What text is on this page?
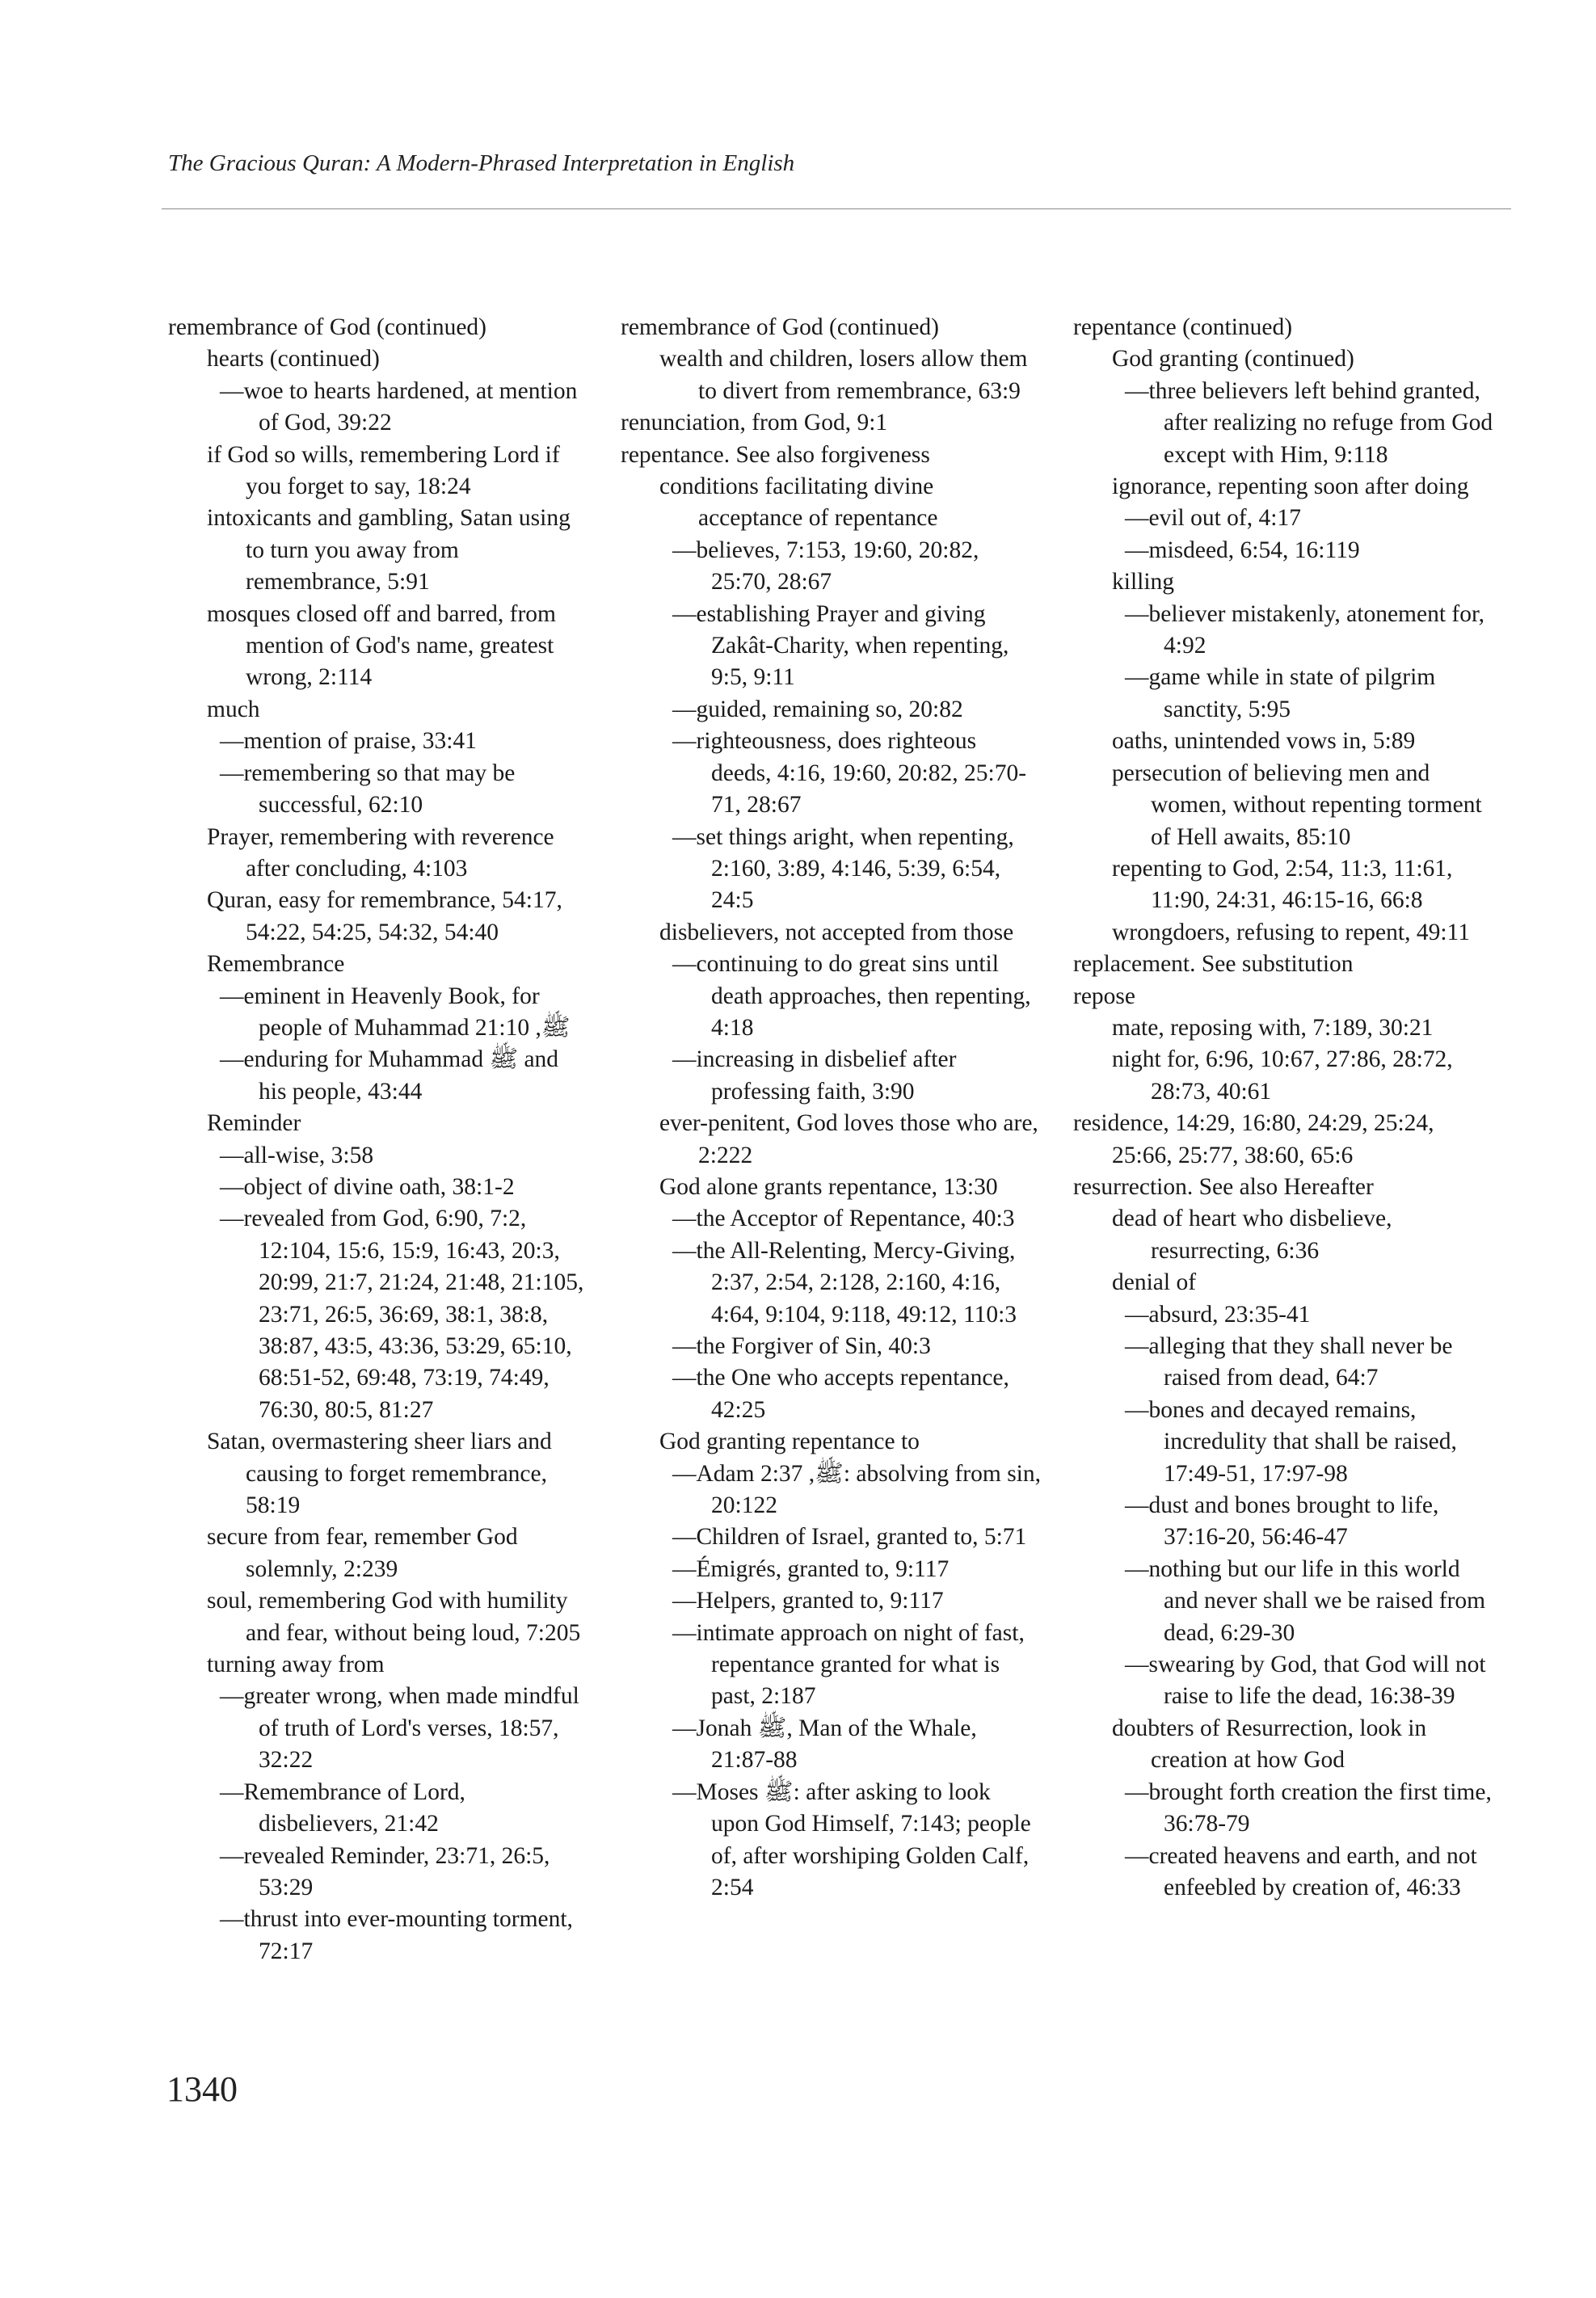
The Gracious Quran: A Modern-Phrased Interpretation in English
remembrance of God (continued)
hearts (continued)
—woe to hearts hardened, at mention of God, 39:22
if God so wills, remembering Lord if you forget to say, 18:24
intoxicants and gambling, Satan using to turn you away from remembrance, 5:91
mosques closed off and barred, from mention of God's name, greatest wrong, 2:114
much
—mention of praise, 33:41
—remembering so that may be successful, 62:10
Prayer, remembering with reverence after concluding, 4:103
Quran, easy for remembrance, 54:17, 54:22, 54:25, 54:32, 54:40
Remembrance
—eminent in Heavenly Book, for people of Muhammad ﷺ, 21:10
—enduring for Muhammad ﷺ and his people, 43:44
Reminder
—all-wise, 3:58
—object of divine oath, 38:1-2
—revealed from God, 6:90, 7:2, 12:104, 15:6, 15:9, 16:43, 20:3, 20:99, 21:7, 21:24, 21:48, 21:105, 23:71, 26:5, 36:69, 38:1, 38:8, 38:87, 43:5, 43:36, 53:29, 65:10, 68:51-52, 69:48, 73:19, 74:49, 76:30, 80:5, 81:27
Satan, overmastering sheer liars and causing to forget remembrance, 58:19
secure from fear, remember God solemnly, 2:239
soul, remembering God with humility and fear, without being loud, 7:205
turning away from
—greater wrong, when made mindful of truth of Lord's verses, 18:57, 32:22
—Remembrance of Lord, disbelievers, 21:42
—revealed Reminder, 23:71, 26:5, 53:29
—thrust into ever-mounting torment, 72:17
remembrance of God (continued)
wealth and children, losers allow them to divert from remembrance, 63:9
renunciation, from God, 9:1
repentance. See also forgiveness
conditions facilitating divine acceptance of repentance
—believes, 7:153, 19:60, 20:82, 25:70, 28:67
—establishing Prayer and giving Zakât-Charity, when repenting, 9:5, 9:11
—guided, remaining so, 20:82
—righteousness, does righteous deeds, 4:16, 19:60, 20:82, 25:70-71, 28:67
—set things aright, when repenting, 2:160, 3:89, 4:146, 5:39, 6:54, 24:5
disbelievers, not accepted from those
—continuing to do great sins until death approaches, then repenting, 4:18
—increasing in disbelief after professing faith, 3:90
ever-penitent, God loves those who are, 2:222
God alone grants repentance, 13:30
—the Acceptor of Repentance, 40:3
—the All-Relenting, Mercy-Giving, 2:37, 2:54, 2:128, 2:160, 4:16, 4:64, 9:104, 9:118, 49:12, 110:3
—the Forgiver of Sin, 40:3
—the One who accepts repentance, 42:25
God granting repentance to
—Adam ﷺ, 2:37: absolving from sin, 20:122
—Children of Israel, granted to, 5:71
—Émigrés, granted to, 9:117
—Helpers, granted to, 9:117
—intimate approach on night of fast, repentance granted for what is past, 2:187
—Jonah ﷺ, Man of the Whale, 21:87-88
—Moses ﷺ: after asking to look upon God Himself, 7:143; people of, after worshiping Golden Calf, 2:54
repentance (continued)
God granting (continued)
—three believers left behind granted, after realizing no refuge from God except with Him, 9:118
ignorance, repenting soon after doing
—evil out of, 4:17
—misdeed, 6:54, 16:119
killing
—believer mistakenly, atonement for, 4:92
—game while in state of pilgrim sanctity, 5:95
oaths, unintended vows in, 5:89
persecution of believing men and women, without repenting torment of Hell awaits, 85:10
repenting to God, 2:54, 11:3, 11:61, 11:90, 24:31, 46:15-16, 66:8
wrongdoers, refusing to repent, 49:11
replacement. See substitution
repose
mate, reposing with, 7:189, 30:21
night for, 6:96, 10:67, 27:86, 28:72, 28:73, 40:61
residence, 14:29, 16:80, 24:29, 25:24, 25:66, 25:77, 38:60, 65:6
resurrection. See also Hereafter
dead of heart who disbelieve, resurrecting, 6:36
denial of
—absurd, 23:35-41
—alleging that they shall never be raised from dead, 64:7
—bones and decayed remains, incredulity that shall be raised, 17:49-51, 17:97-98
—dust and bones brought to life, 37:16-20, 56:46-47
—nothing but our life in this world and never shall we be raised from dead, 6:29-30
—swearing by God, that God will not raise to life the dead, 16:38-39
doubters of Resurrection, look in creation at how God
—brought forth creation the first time, 36:78-79
—created heavens and earth, and not enfeebled by creation of, 46:33
1340
